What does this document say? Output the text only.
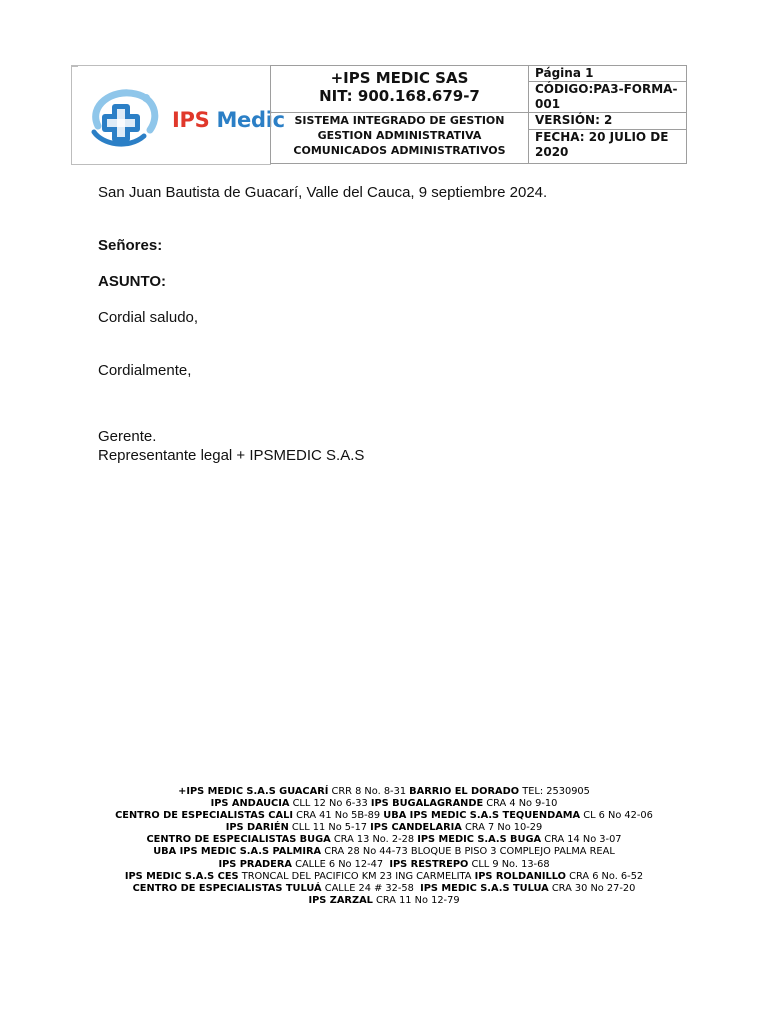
IPS Medic
+IPS MEDIC SAS
NIT: 900.168.679-7	Página 1
	CÓDIGO:PA3-FORMA-001

SISTEMA INTEGRADO DE GESTION
GESTION ADMINISTRATIVA
COMUNICADOS ADMINISTRATIVOS	VERSIÓN: 2
	FECHA: 20 JULIO DE 2020
San Juan Bautista de Guacarí, Valle del Cauca, 9 septiembre 2024.
Señores:
ASUNTO:
Cordial saludo,
Cordialmente,
Gerente.
Representante legal + IPSMEDIC S.A.S
+IPS MEDIC S.A.S GUACARÍ CRR 8 No. 8-31 BARRIO EL DORADO TEL: 2530905
IPS ANDAUCIA CLL 12 No 6-33 IPS BUGALAGRANDE CRA 4 No 9-10
CENTRO DE ESPECIALISTAS CALI CRA 41 No 5B-89 UBA IPS MEDIC S.A.S TEQUENDAMA CL 6 No 42-06
IPS DARIÉN CLL 11 No 5-17 IPS CANDELARIA CRA 7 No 10-29
CENTRO DE ESPECIALISTAS BUGA CRA 13 No. 2-28 IPS MEDIC S.A.S BUGA CRA 14 No 3-07
UBA IPS MEDIC S.A.S PALMIRA CRA 28 No 44-73 BLOQUE B PISO 3 COMPLEJO PALMA REAL
IPS PRADERA CALLE 6 No 12-47  IPS RESTREPO CLL 9 No. 13-68
IPS MEDIC S.A.S CES TRONCAL DEL PACIFICO KM 23 ING CARMELITA IPS ROLDANILLO CRA 6 No. 6-52
CENTRO DE ESPECIALISTAS TULUÁ CALLE 24 # 32-58  IPS MEDIC S.A.S TULUA CRA 30 No 27-20
IPS ZARZAL CRA 11 No 12-79
